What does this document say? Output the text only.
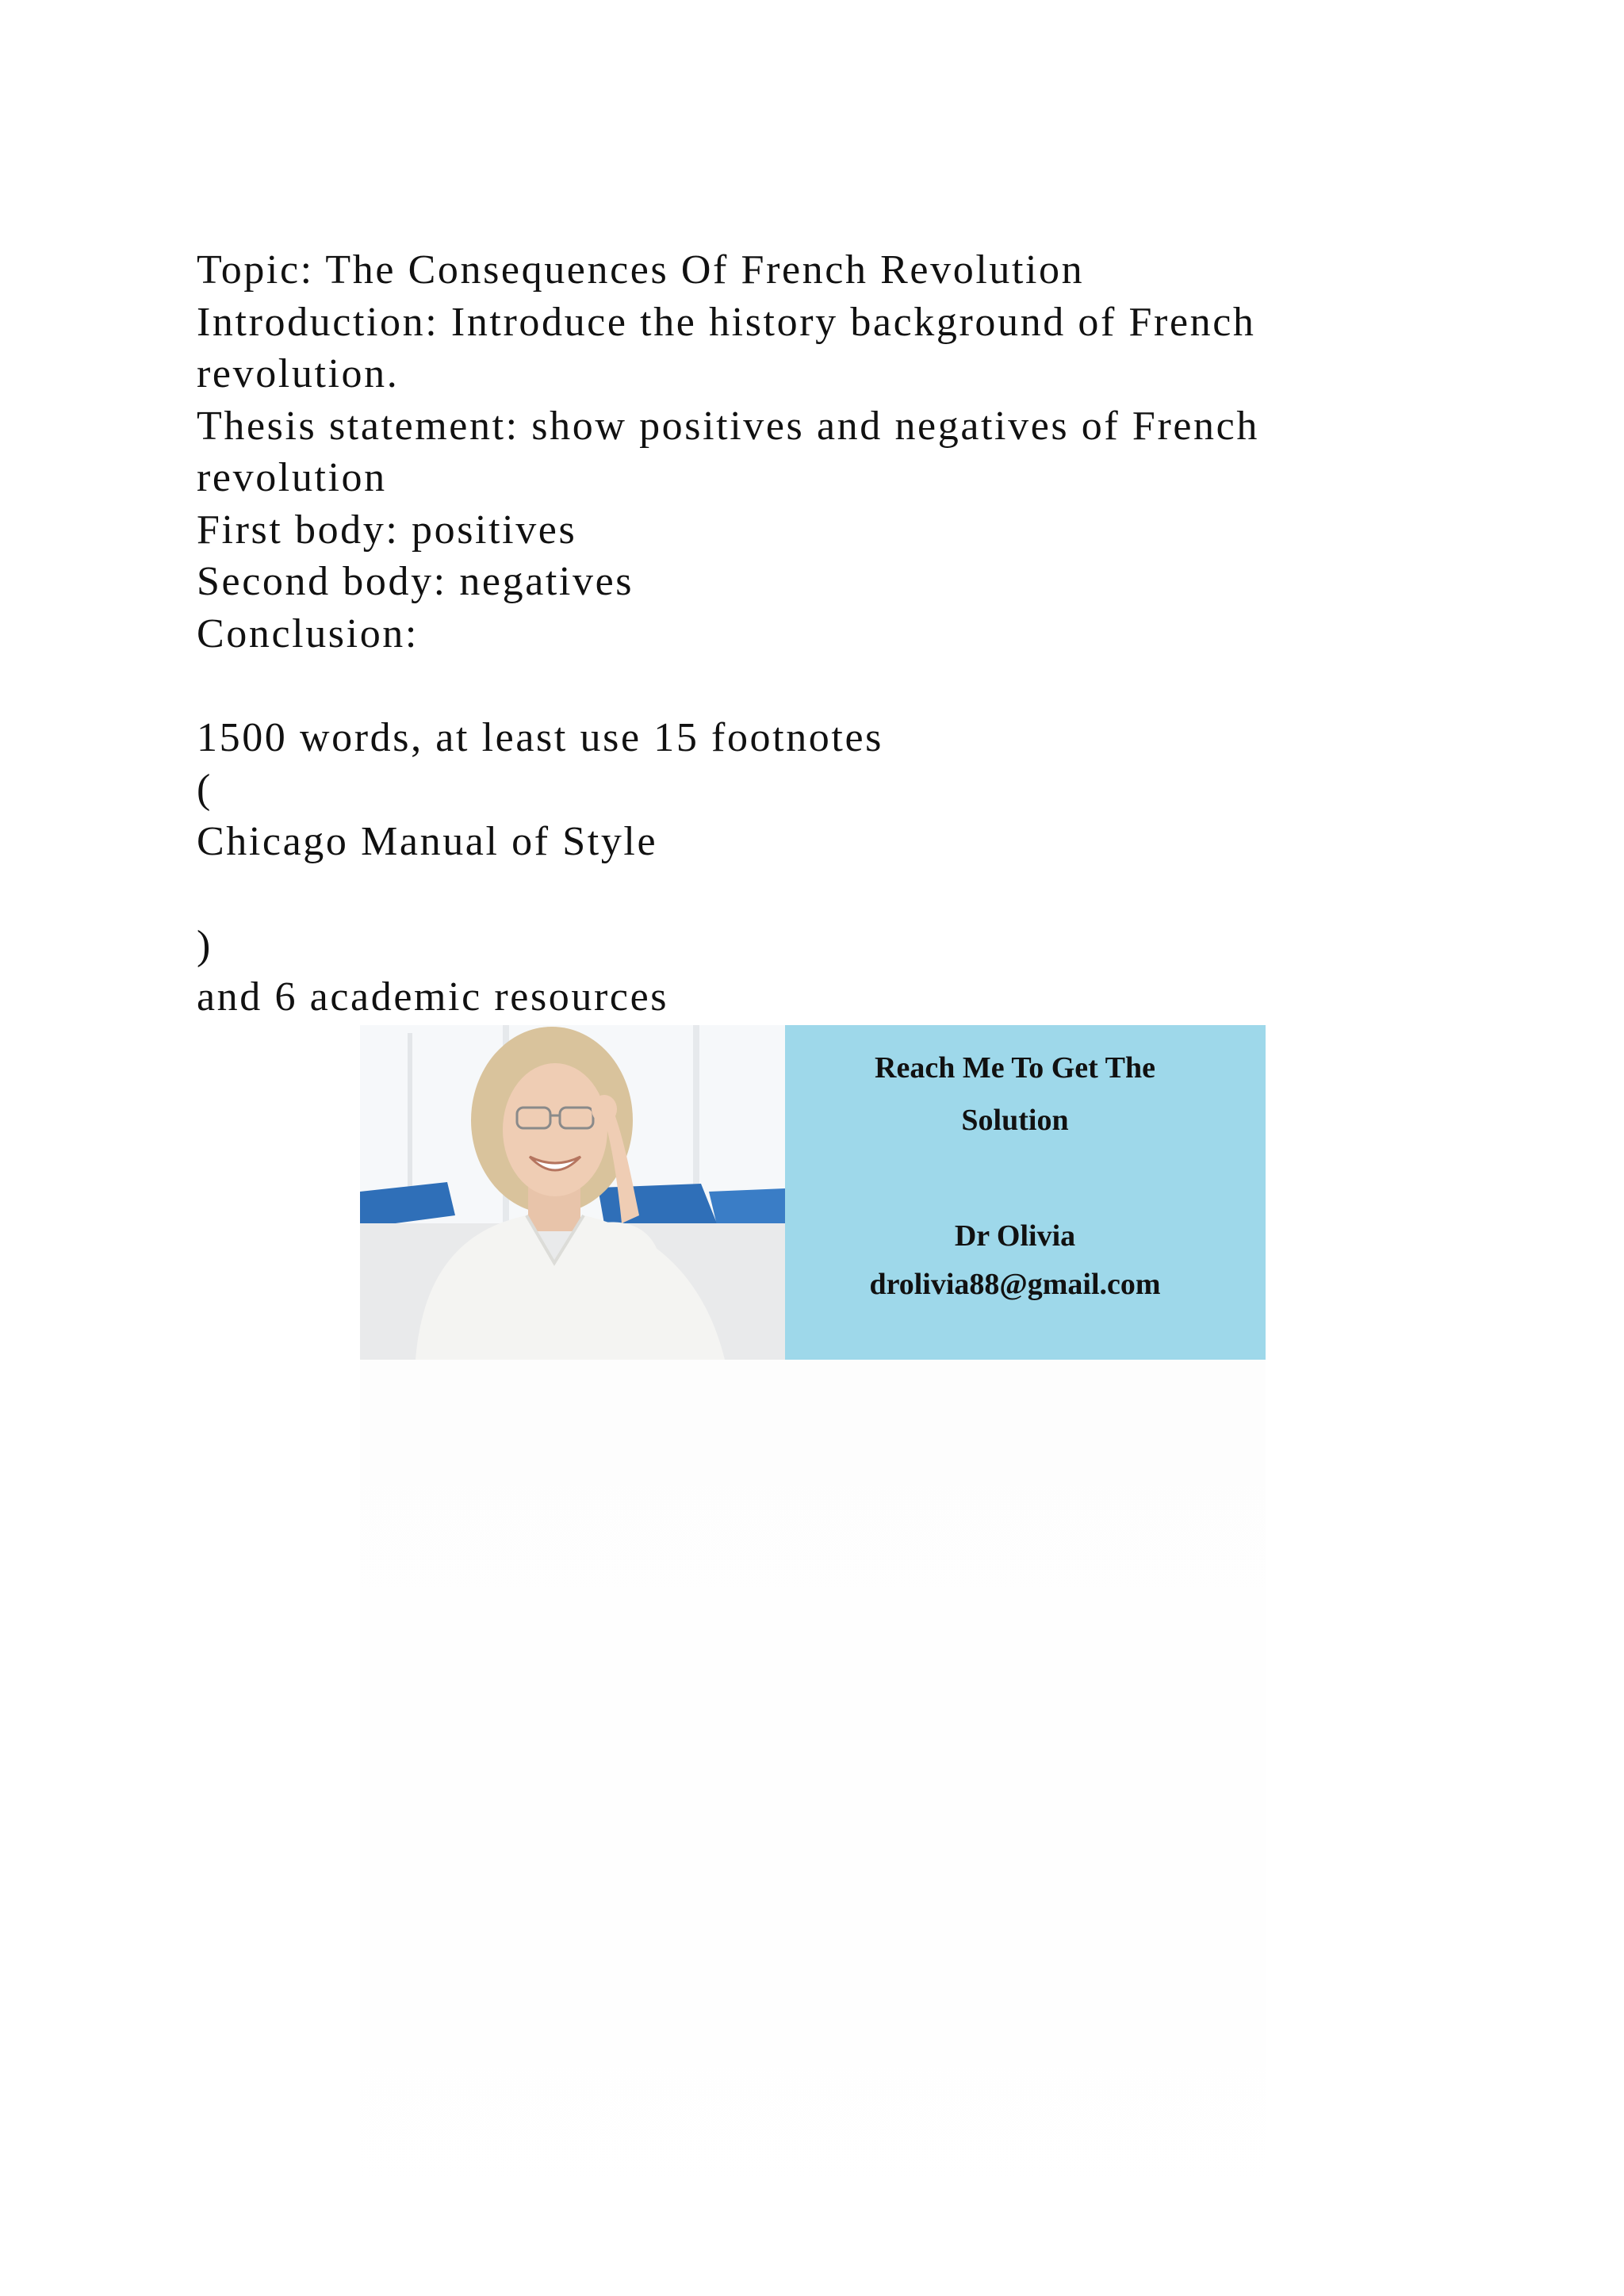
Topic: The Consequences Of French Revolution
Introduction: Introduce the history background of French
revolution.
Thesis statement: show positives and negatives of French
revolution
First body: positives
Second body: negatives
Conclusion:
1500 words, at least use 15 footnotes
(
Chicago Manual of Style
)
and 6 academic resources
Reach Me To Get The
Solution
Dr Olivia
drolivia88@gmail.com
